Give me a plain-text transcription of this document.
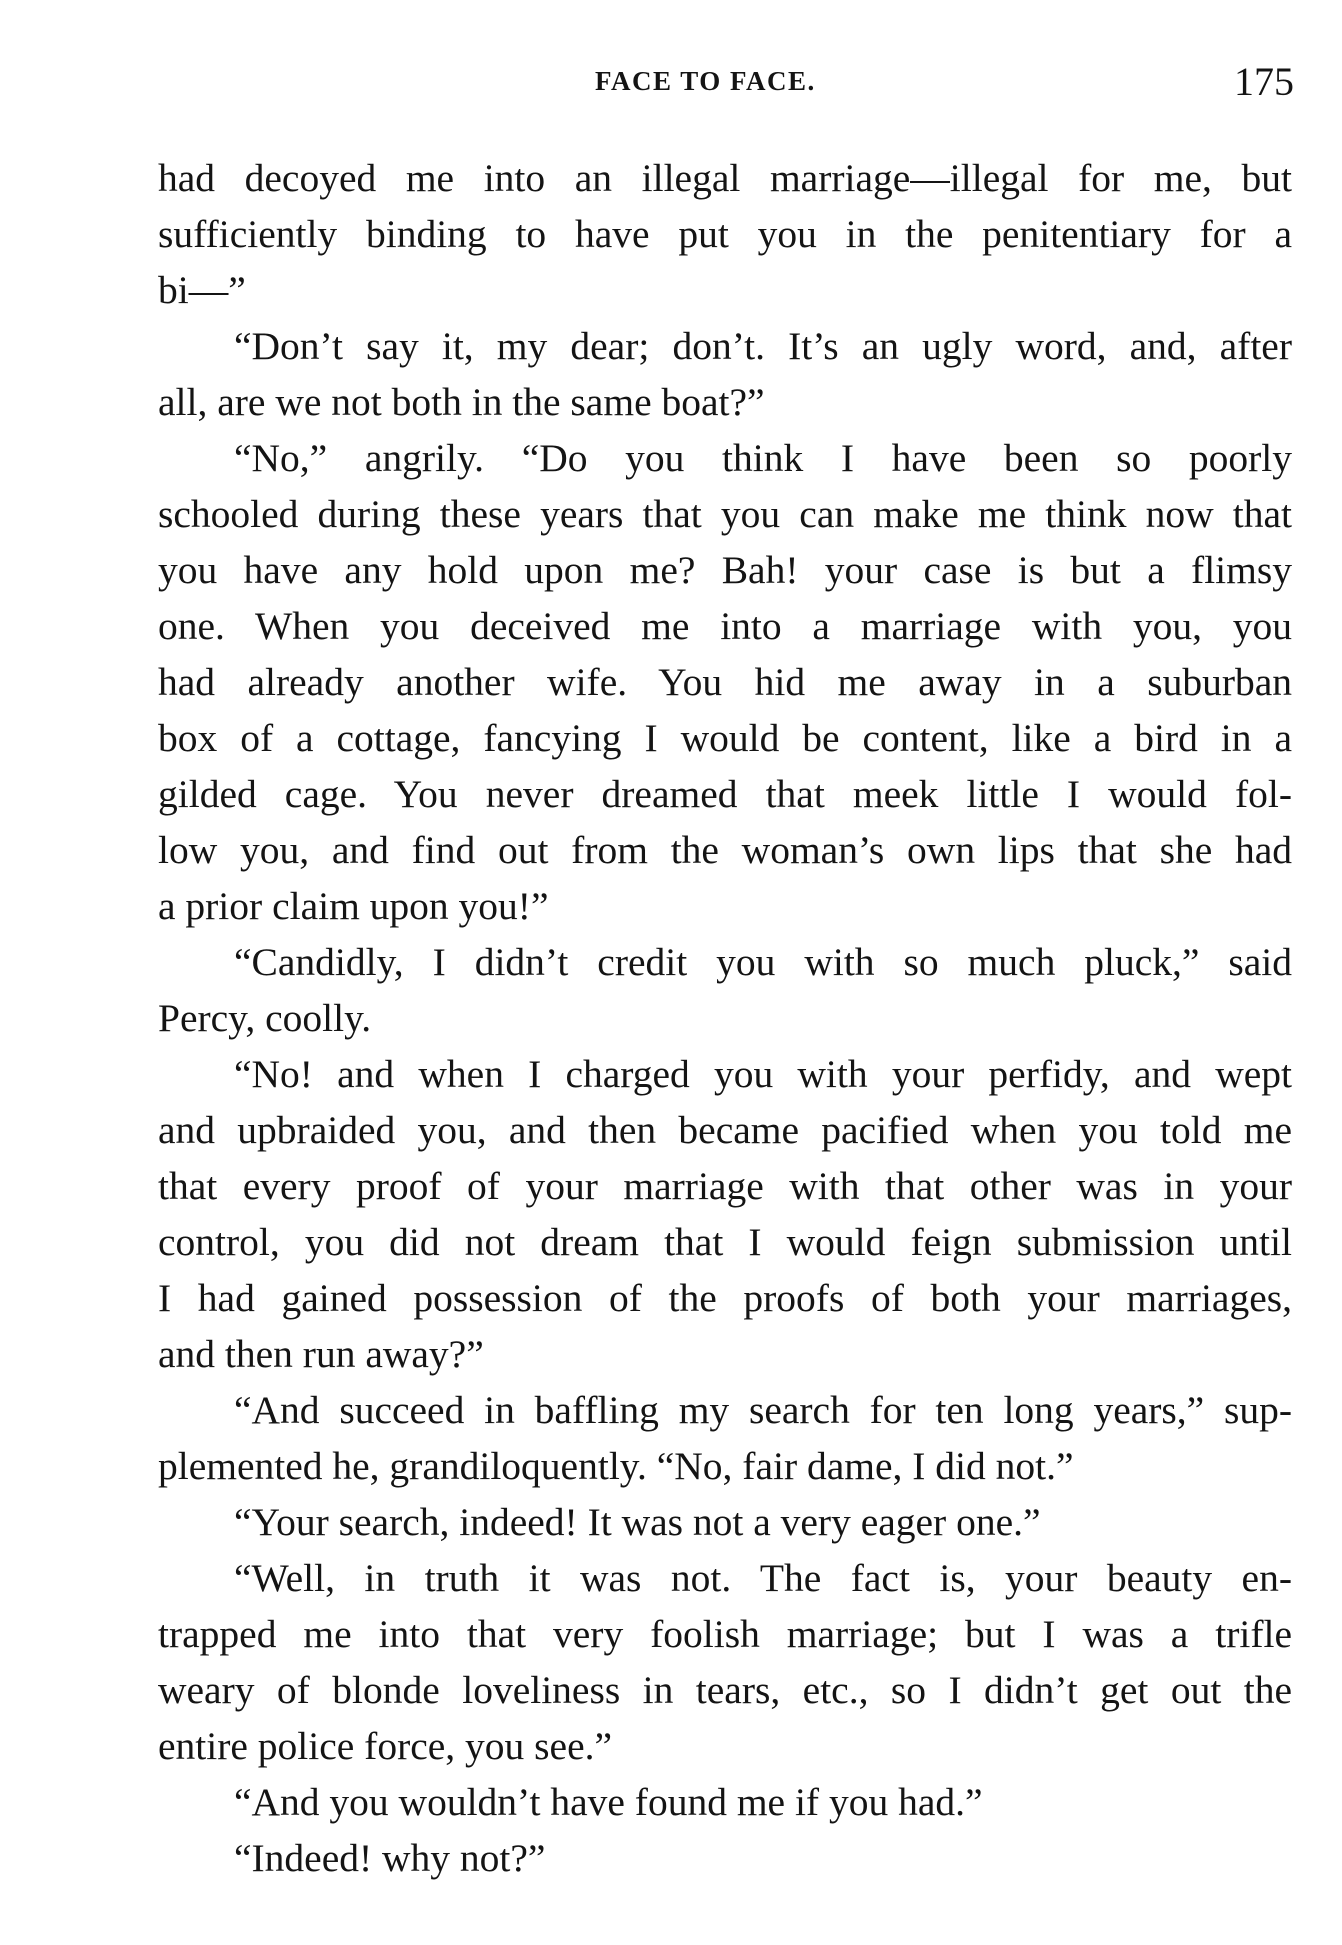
FACE TO FACE.	175
had decoyed me into an illegal marriage—illegal for me, but
sufficiently binding to have put you in the penitentiary for a
bi—”
“Don’t say it, my dear; don’t. It’s an ugly word, and, after
all, are we not both in the same boat?”
“No,” angrily. “Do you think I have been so poorly
schooled during these years that you can make me think now that
you have any hold upon me? Bah! your case is but a flimsy
one. When you deceived me into a marriage with you, you
had already another wife. You hid me away in a suburban
box of a cottage, fancying I would be content, like a bird in a
gilded cage. You never dreamed that meek little I would fol-
low you, and find out from the woman’s own lips that she had
a prior claim upon you!”
“Candidly, I didn’t credit you with so much pluck,” said
Percy, coolly.
“No! and when I charged you with your perfidy, and wept
and upbraided you, and then became pacified when you told me
that every proof of your marriage with that other was in your
control, you did not dream that I would feign submission until
I had gained possession of the proofs of both your marriages,
and then run away?”
“And succeed in baffling my search for ten long years,” sup-
plemented he, grandiloquently. “No, fair dame, I did not.”
“Your search, indeed! It was not a very eager one.”
“Well, in truth it was not. The fact is, your beauty en-
trapped me into that very foolish marriage; but I was a trifle
weary of blonde loveliness in tears, etc., so I didn’t get out the
entire police force, you see.”
“And you wouldn’t have found me if you had.”
“Indeed! why not?”
